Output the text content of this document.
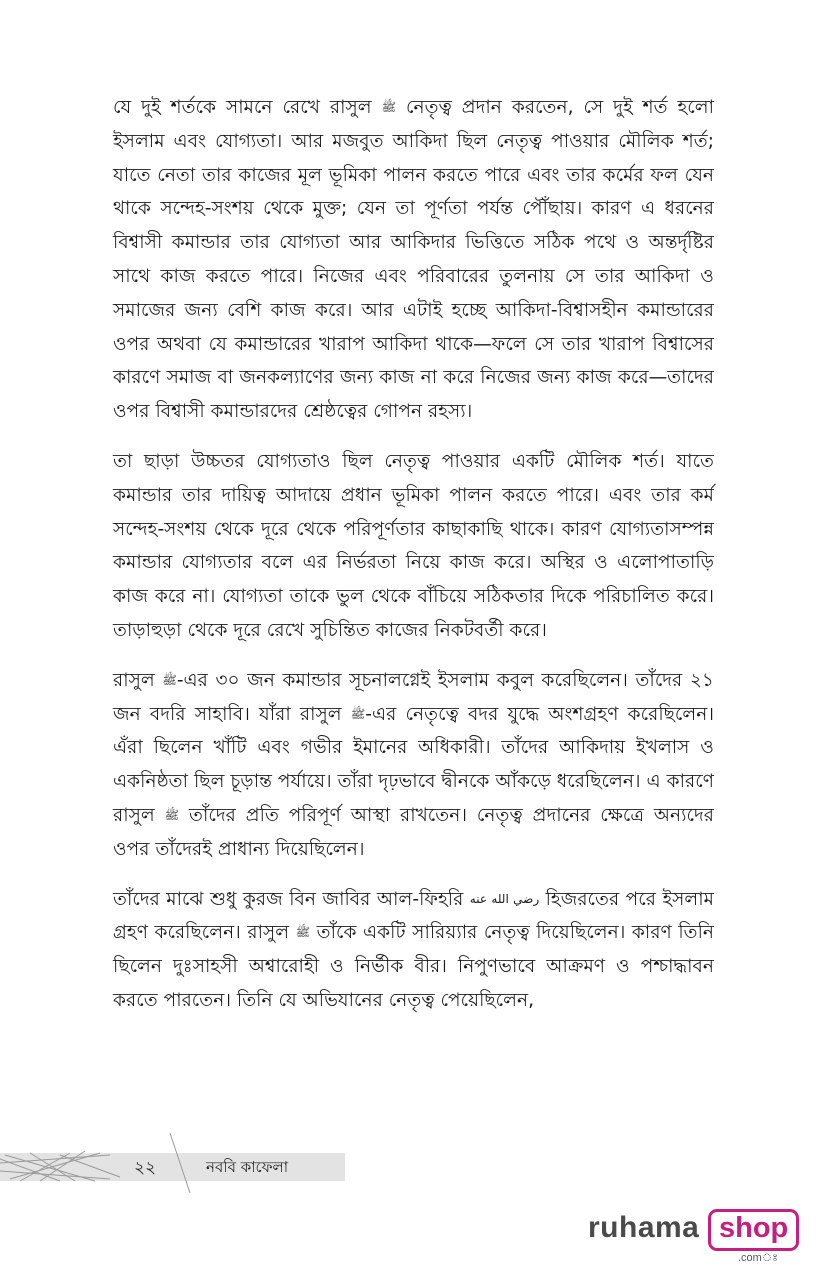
যে দুই শর্তকে সামনে রেখে রাসুল ﷺ নেতৃত্ব প্রদান করতেন, সে দুই শর্ত হলো ইসলাম এবং যোগ্যতা। আর মজবুত আকিদা ছিল নেতৃত্ব পাওয়ার মৌলিক শর্ত; যাতে নেতা তার কাজের মূল ভূমিকা পালন করতে পারে এবং তার কর্মের ফল যেন থাকে সন্দেহ-সংশয় থেকে মুক্ত; যেন তা পূর্ণতা পর্যন্ত পৌঁছায়। কারণ এ ধরনের বিশ্বাসী কমান্ডার তার যোগ্যতা আর আকিদার ভিত্তিতে সঠিক পথে ও অন্তর্দৃষ্টির সাথে কাজ করতে পারে। নিজের এবং পরিবারের তুলনায় সে তার আকিদা ও সমাজের জন্য বেশি কাজ করে। আর এটাই হচ্ছে আকিদা-বিশ্বাসহীন কমান্ডারের ওপর অথবা যে কমান্ডারের খারাপ আকিদা থাকে—ফলে সে তার খারাপ বিশ্বাসের কারণে সমাজ বা জনকল্যাণের জন্য কাজ না করে নিজের জন্য কাজ করে—তাদের ওপর বিশ্বাসী কমান্ডারদের শ্রেষ্ঠত্বের গোপন রহস্য।

তা ছাড়া উচ্চতর যোগ্যতাও ছিল নেতৃত্ব পাওয়ার একটি মৌলিক শর্ত। যাতে কমান্ডার তার দায়িত্ব আদায়ে প্রধান ভূমিকা পালন করতে পারে। এবং তার কর্ম সন্দেহ-সংশয় থেকে দূরে থেকে পরিপূর্ণতার কাছাকাছি থাকে। কারণ যোগ্যতাসম্পন্ন কমান্ডার যোগ্যতার বলে এর নির্ভরতা নিয়ে কাজ করে। অস্থির ও এলোপাতাড়ি কাজ করে না। যোগ্যতা তাকে ভুল থেকে বাঁচিয়ে সঠিকতার দিকে পরিচালিত করে। তাড়াহুড়া থেকে দূরে রেখে সুচিন্তিত কাজের নিকটবর্তী করে।

রাসুল ﷺ-এর ৩০ জন কমান্ডার সূচনালগ্নেই ইসলাম কবুল করেছিলেন। তাঁদের ২১ জন বদরি সাহাবি। যাঁরা রাসুল ﷺ-এর নেতৃত্বে বদর যুদ্ধে অংশগ্রহণ করেছিলেন। এঁরা ছিলেন খাঁটি এবং গভীর ইমানের অধিকারী। তাঁদের আকিদায় ইখলাস ও একনিষ্ঠতা ছিল চূড়ান্ত পর্যায়ে। তাঁরা দৃঢ়ভাবে দ্বীনকে আঁকড়ে ধরেছিলেন। এ কারণে রাসুল ﷺ তাঁদের প্রতি পরিপূর্ণ আস্থা রাখতেন। নেতৃত্ব প্রদানের ক্ষেত্রে অন্যদের ওপর তাঁদেরই প্রাধান্য দিয়েছিলেন।

তাঁদের মাঝে শুধু কুরজ বিন জাবির আল-ফিহরি رضي الله عنه হিজরতের পরে ইসলাম গ্রহণ করেছিলেন। রাসুল ﷺ তাঁকে একটি সারিয়্যার নেতৃত্ব দিয়েছিলেন। কারণ তিনি ছিলেন দুঃসাহসী অশ্বারোহী ও নির্ভীক বীর। নিপুণভাবে আক্রমণ ও পশ্চাদ্ধাবন করতে পারতেন। তিনি যে অভিযানের নেতৃত্ব পেয়েছিলেন,

২২	নববি কাফেলা
ruhama shop
.comঃ
